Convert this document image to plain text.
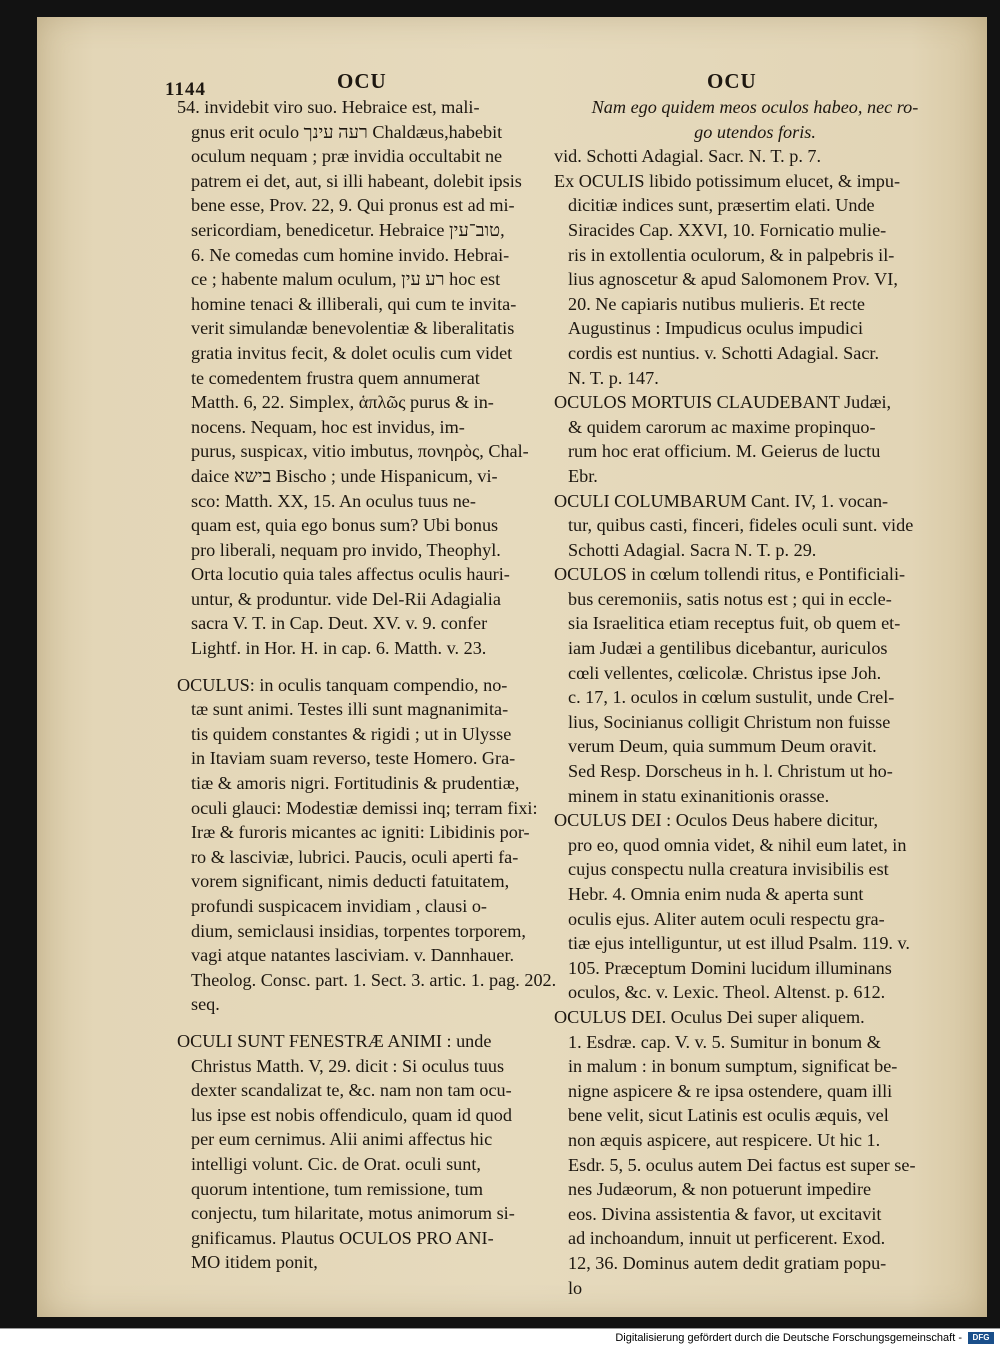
1144	OCU	OCU
54. invidebit viro suo. Hebraice est, mali-
gnus erit oculo רעה עינך Chaldæus,habebit
oculum nequam ; præ invidia occultabit ne
patrem ei det, aut, si illi habeant, dolebit ipsis
bene esse, Prov. 22, 9. Qui pronus est ad mi-
sericordiam, benedicetur. Hebraice טוב־עין,
6. Ne comedas cum homine invido. Hebrai-
ce ; habente malum oculum, רע עין hoc est
homine tenaci & illiberali, qui cum te invita-
verit simulandæ benevolentiæ & liberalitatis
gratia invitus fecit, & dolet oculis cum videt
te comedentem frustra quem annumerat
Matth. 6, 22. Simplex, ἁπλῶς purus & in-
nocens. Nequam, hoc est invidus, im-
purus, suspicax, vitio imbutus, πονηρὸς, Chal-
daice בישא Bischo ; unde Hispanicum, vi-
sco: Matth. XX, 15. An oculus tuus ne-
quam est, quia ego bonus sum? Ubi bonus
pro liberali, nequam pro invido, Theophyl.
Orta locutio quia tales affectus oculis hauri-
untur, & produntur. vide Del-Rii Adagialia
sacra V. T. in Cap. Deut. XV. v. 9. confer
Lightf. in Hor. H. in cap. 6. Matth. v. 23.
OCULUS: in oculis tanquam compendio, no-
tæ sunt animi. Testes illi sunt magnanimita-
tis quidem constantes & rigidi ; ut in Ulysse
in Itaviam suam reverso, teste Homero. Gra-
tiæ & amoris nigri. Fortitudinis & prudentiæ,
oculi glauci: Modestiæ demissi inq; terram fixi:
Iræ & furoris micantes ac igniti: Libidinis por-
ro & lasciviæ, lubrici. Paucis, oculi aperti fa-
vorem significant, nimis deducti fatuitatem,
profundi suspicacem invidiam , clausi o-
dium, semiclausi insidias, torpentes torporem,
vagi atque natantes lasciviam. v. Dannhauer.
Theolog. Consc. part. 1. Sect. 3. artic. 1. pag. 202.
seq.
OCULI SUNT FENESTRÆ ANIMI : unde
Christus Matth. V, 29. dicit : Si oculus tuus
dexter scandalizat te, &c. nam non tam ocu-
lus ipse est nobis offendiculo, quam id quod
per eum cernimus. Alii animi affectus hic
intelligi volunt. Cic. de Orat. oculi sunt,
quorum intentione, tum remissione, tum
conjectu, tum hilaritate, motus animorum si-
gnificamus. Plautus OCULOS PRO ANI-
MO itidem ponit,
Nam ego quidem meos oculos habeo, nec ro-
go utendos foris.
vid. Schotti Adagial. Sacr. N. T. p. 7.
Ex OCULIS libido potissimum elucet, & impu-
dicitiæ indices sunt, præsertim elati. Unde
Siracides Cap. XXVI, 10. Fornicatio mulie-
ris in extollentia oculorum, & in palpebris il-
lius agnoscetur & apud Salomonem Prov. VI,
20. Ne capiaris nutibus mulieris. Et recte
Augustinus : Impudicus oculus impudici
cordis est nuntius. v. Schotti Adagial. Sacr.
N. T. p. 147.
OCULOS MORTUIS CLAUDEBANT Judæi,
& quidem carorum ac maxime propinquo-
rum hoc erat officium. M. Geierus de luctu
Ebr.
OCULI COLUMBARUM Cant. IV, 1. vocan-
tur, quibus casti, finceri, fideles oculi sunt. vide
Schotti Adagial. Sacra N. T. p. 29.
OCULOS in cœlum tollendi ritus, e Pontificiali-
bus ceremoniis, satis notus est ; qui in eccle-
sia Israelitica etiam receptus fuit, ob quem et-
iam Judæi a gentilibus dicebantur, auriculos
cœli vellentes, cœlicolæ. Christus ipse Joh.
c. 17, 1. oculos in cœlum sustulit, unde Crel-
lius, Socinianus colligit Christum non fuisse
verum Deum, quia summum Deum oravit.
Sed Resp. Dorscheus in h. l. Christum ut ho-
minem in statu exinanitionis orasse.
OCULUS DEI : Oculos Deus habere dicitur,
pro eo, quod omnia videt, & nihil eum latet, in
cujus conspectu nulla creatura invisibilis est
Hebr. 4. Omnia enim nuda & aperta sunt
oculis ejus. Aliter autem oculi respectu gra-
tiæ ejus intelliguntur, ut est illud Psalm. 119. v.
105. Præceptum Domini lucidum illuminans
oculos, &c. v. Lexic. Theol. Altenst. p. 612.
OCULUS DEI. Oculus Dei super aliquem.
1. Esdræ. cap. V. v. 5. Sumitur in bonum &
in malum : in bonum sumptum, significat be-
nigne aspicere & re ipsa ostendere, quam illi
bene velit, sicut Latinis est oculis æquis, vel
non æquis aspicere, aut respicere. Ut hic 1.
Esdr. 5, 5. oculus autem Dei factus est super se-
nes Judæorum, & non potuerunt impedire
eos. Divina assistentia & favor, ut excitavit
ad inchoandum, innuit ut perficerent. Exod.
12, 36. Dominus autem dedit gratiam popu-
lo
Digitalisierung gefördert durch die Deutsche Forschungsgemeinschaft -	DFG
